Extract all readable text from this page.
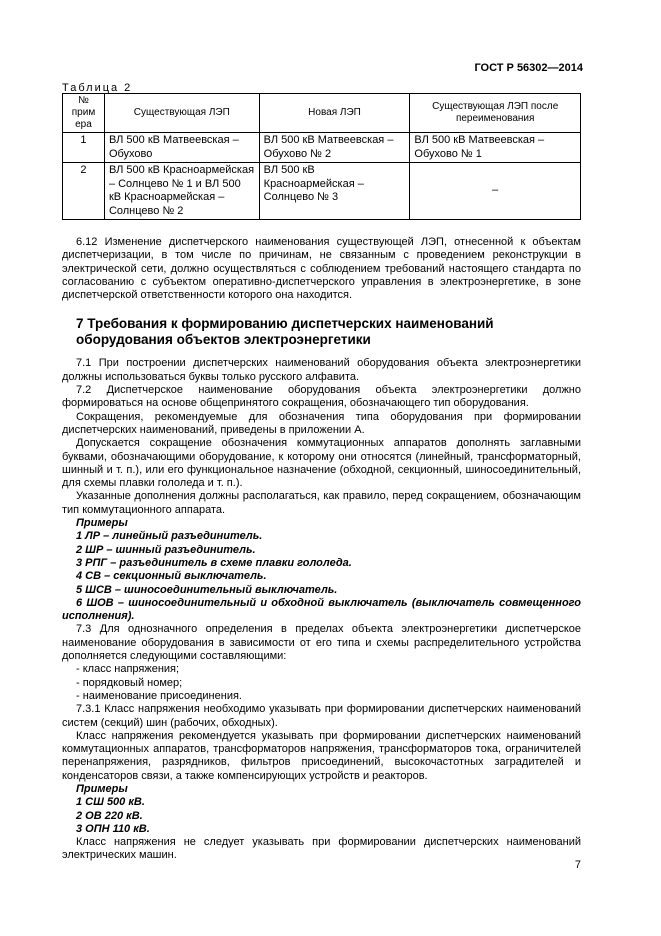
ГОСТ Р 56302—2014
Таблица 2
№ прим ера	Существующая ЛЭП	Новая ЛЭП	Существующая ЛЭП после переименования
1	ВЛ 500 кВ Матвеевская – Обухово	ВЛ 500 кВ Матвеевская – Обухово № 2	ВЛ 500 кВ Матвеевская – Обухово № 1
2	ВЛ 500 кВ Красноармейская – Солнцево № 1 и ВЛ 500 кВ Красноармейская – Солнцево № 2	ВЛ 500 кВ Красноармейская – Солнцево № 3	–

6.12 Изменение диспетчерского наименования существующей ЛЭП, отнесенной к объектам диспетчеризации, в том числе по причинам, не связанным с проведением реконструкции в электрической сети, должно осуществляться с соблюдением требований настоящего стандарта по согласованию с субъектом оперативно-диспетчерского управления в электроэнергетике, в зоне диспетчерской ответственности которого она находится.

7 Требования к формированию диспетчерских наименований оборудования объектов электроэнергетики

7.1 При построении диспетчерских наименований оборудования объекта электроэнергетики должны использоваться буквы только русского алфавита.

7.2 Диспетчерское наименование оборудования объекта электроэнергетики должно формироваться на основе общепринятого сокращения, обозначающего тип оборудования.

Сокращения, рекомендуемые для обозначения типа оборудования при формировании диспетчерских наименований, приведены в приложении А.

Допускается сокращение обозначения коммутационных аппаратов дополнять заглавными буквами, обозначающими оборудование, к которому они относятся (линейный, трансформаторный, шинный и т. п.), или его функциональное назначение (обходной, секционный, шиносоединительный, для схемы плавки гололеда и т. п.).

Указанные дополнения должны располагаться, как правило, перед сокращением, обозначающим тип коммутационного аппарата.

Примеры

1 ЛР – линейный разъединитель.

2 ШР – шинный разъединитель.

3 РПГ – разъединитель в схеме плавки гололеда.

4 СВ – секционный выключатель.

5 ШСВ – шиносоединительный выключатель.

6 ШОВ – шиносоединительный и обходной выключатель (выключатель совмещенного исполнения).

7.3 Для однозначного определения в пределах объекта электроэнергетики диспетчерское наименование оборудования в зависимости от его типа и схемы распределительного устройства дополняется следующими составляющими:

- класс напряжения;

- порядковый номер;

- наименование присоединения.

7.3.1 Класс напряжения необходимо указывать при формировании диспетчерских наименований систем (секций) шин (рабочих, обходных).

Класс напряжения рекомендуется указывать при формировании диспетчерских наименований коммутационных аппаратов, трансформаторов напряжения, трансформаторов тока, ограничителей перенапряжения, разрядников, фильтров присоединений, высокочастотных заградителей и конденсаторов связи, а также компенсирующих устройств и реакторов.

Примеры

1 СШ 500 кВ.

2 ОВ 220 кВ.

3 ОПН 110 кВ.

Класс напряжения не следует указывать при формировании диспетчерских наименований электрических машин.

7
